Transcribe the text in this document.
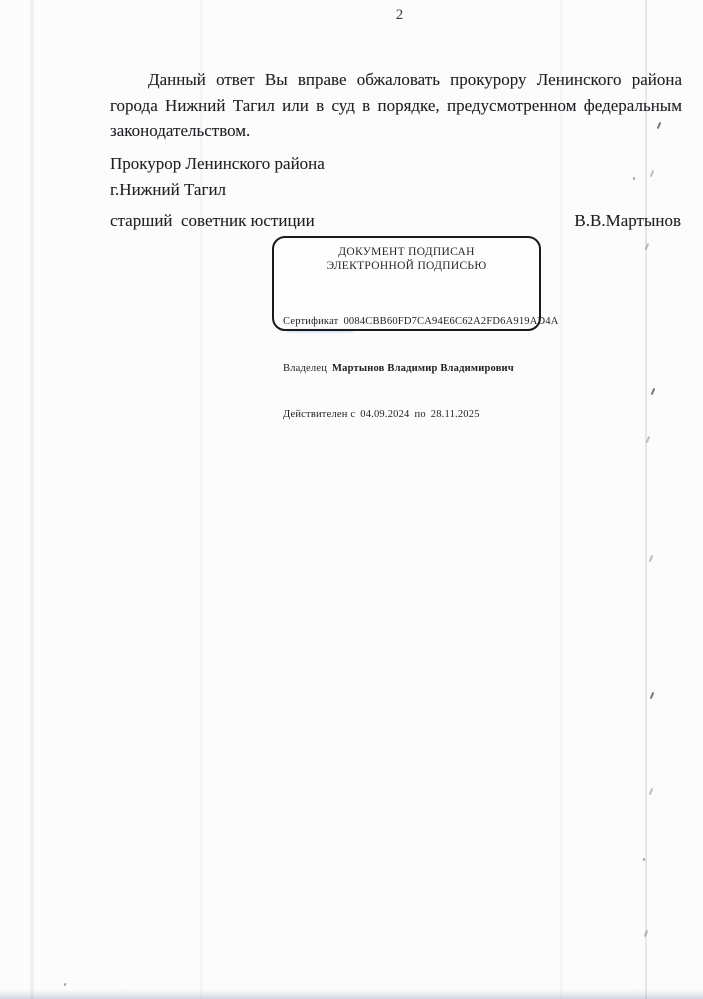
2

Данный ответ Вы вправе обжаловать прокурору Ленинского района города Нижний Тагил или в суд в порядке, предусмотренном федеральным законодательством.

Прокурор Ленинского района
г.Нижний Тагил
старший  советник юстиции	В.В.Мартынов
ДОКУМЕНТ ПОДПИСАН
ЭЛЕКТРОННОЙ ПОДПИСЬЮ

Сертификат 0084CBB60FD7CA94E6C62A2FD6A919AD4A

Владелец Мартынов Владимир Владимирович

Действителен с 04.09.2024 по 28.11.2025
